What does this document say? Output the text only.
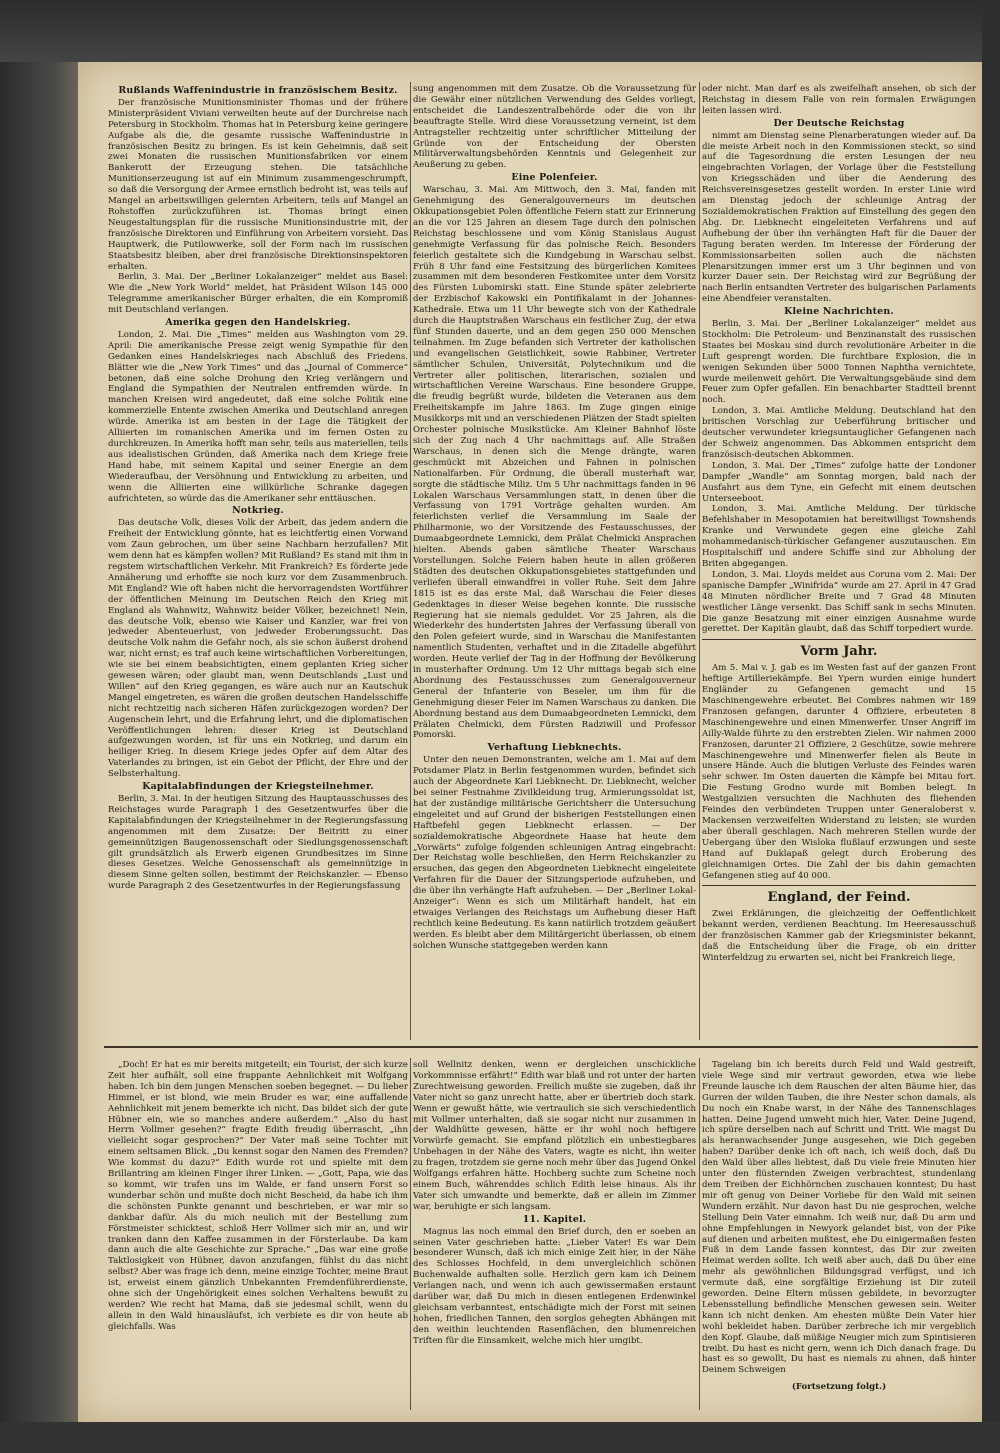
Rußlands Waffenindustrie in französischem Besitz.

Der französische Munitionsminister Thomas und der frühere Ministerpräsident Viviani verweilten heute auf der Durchreise nach Petersburg in Stockholm. Thomas hat in Petersburg keine geringere Aufgabe als die, die gesamte russische Waffenindustrie in französischen Besitz zu bringen. Es ist kein Geheimnis, daß seit zwei Monaten die russischen Munitionsfabriken vor einem Bankerott der Erzeugung stehen. Die tatsächliche Munitionserzeugung ist auf ein Minimum zusammengeschrumpft, so daß die Versorgung der Armee ernstlich bedroht ist, was teils auf Mangel an arbeitswilligen gelernten Arbeitern, teils auf Mangel an Rohstoffen zurückzuführen ist. Thomas bringt einen Neugestaltungsplan für die russische Munitionsindustrie mit, der französische Direktoren und Einführung von Arbeitern vorsieht. Das Hauptwerk, die Putilowwerke, soll der Form nach im russischen Staatsbesitz bleiben, aber drei französische Direktionsinspektoren erhalten.

Berlin, 3. Mai. Der „Berliner Lokalanzeiger“ meldet aus Basel: Wie die „New York World“ meldet, hat Präsident Wilson 145 000 Telegramme amerikanischer Bürger erhalten, die ein Kompromiß mit Deutschland verlangen.

Amerika gegen den Handelskrieg.

London, 2. Mai. Die „Times“ melden aus Washington vom 29. April: Die amerikanische Presse zeigt wenig Sympathie für den Gedanken eines Handelskrieges nach Abschluß des Friedens. Blätter wie die „New York Times“ und das „Journal of Commerce“ betonen, daß eine solche Drohung den Krieg verlängern und England die Sympathien der Neutralen entfremden würde. In manchen Kreisen wird angedeutet, daß eine solche Politik eine kommerzielle Entente zwischen Amerika und Deutschland anregen würde. Amerika ist am besten in der Lage die Tätigkeit der Alliierten im romanischen Amerika und im fernen Osten zu durchkreuzen. In Amerika hofft man sehr, teils aus materiellen, teils aus idealistischen Gründen, daß Amerika nach dem Kriege freie Hand habe, mit seinem Kapital und seiner Energie an dem Wiederaufbau, der Versöhnung und Entwicklung zu arbeiten, und wenn die Alliierten eine willkürliche Schranke dagegen aufrichteten, so würde das die Amerikaner sehr enttäuschen.

Notkrieg.

Das deutsche Volk, dieses Volk der Arbeit, das jedem andern die Freiheit der Entwicklung gönnte, hat es leichtfertig einen Vorwand vom Zaun gebrochen, um über seine Nachbarn herzufallen? Mit wem denn hat es kämpfen wollen? Mit Rußland? Es stand mit ihm in regstem wirtschaftlichen Verkehr. Mit Frankreich? Es förderte jede Annäherung und erhoffte sie noch kurz vor dem Zusammenbruch. Mit England? Wie oft haben nicht die hervorragendsten Wortführer der öffentlichen Meinung im Deutschen Reich den Krieg mit England als Wahnwitz, Wahnwitz beider Völker, bezeichnet! Nein, das deutsche Volk, ebenso wie Kaiser und Kanzler, war frei von jedweder Abenteuerlust, von jedweder Eroberungssucht. Das deutsche Volk nahm die Gefahr noch, als sie schon äußerst drohend war, nicht ernst; es traf auch keine wirtschaftlichen Vorbereitungen, wie sie bei einem beabsichtigten, einem geplanten Krieg sicher gewesen wären; oder glaubt man, wenn Deutschlands „Lust und Willen“ auf den Krieg gegangen, es wäre auch nur an Kautschuk Mangel eingetreten, es wären die großen deutschen Handelsschiffe nicht rechtzeitig nach sicheren Häfen zurückgezogen worden? Der Augenschein lehrt, und die Erfahrung lehrt, und die diplomatischen Veröffentlichungen lehren: dieser Krieg ist Deutschland aufgezwungen worden, ist für uns ein Notkrieg, und darum ein heiliger Krieg. In diesem Kriege jedes Opfer auf dem Altar des Vaterlandes zu bringen, ist ein Gebot der Pflicht, der Ehre und der Selbsterhaltung.

Kapitalabfindungen der Kriegsteilnehmer.

Berlin, 3. Mai. In der heutigen Sitzung des Hauptausschusses des Reichstages wurde Paragraph 1 des Gesetzentwurfes über die Kapitalabfindungen der Kriegsteilnehmer in der Regierungsfassung angenommen mit dem Zusatze: Der Beitritt zu einer gemeinnützigen Baugenossenschaft oder Siedlungsgenossenschaft gilt grundsätzlich als Erwerb eigenen Grundbesitzes im Sinne dieses Gesetzes. Welche Genossenschaft als gemeinnützige in diesem Sinne gelten sollen, bestimmt der Reichskanzler. — Ebenso wurde Paragraph 2 des Gesetzentwurfes in der Regierungsfassung

sung angenommen mit dem Zusatze. Ob die Voraussetzung für die Gewähr einer nützlichen Verwendung des Geldes vorliegt, entscheidet die Landeszentralbehörde oder die von ihr beauftragte Stelle. Wird diese Voraussetzung verneint, ist dem Antragsteller rechtzeitig unter schriftlicher Mitteilung der Gründe von der Entscheidung der Obersten Militärverwaltungsbehörden Kenntnis und Gelegenheit zur Aeußerung zu geben.

Eine Polenfeier.

Warschau, 3. Mai. Am Mittwoch, den 3. Mai, fanden mit Genehmigung des Generalgouverneurs im deutschen Okkupationsgebiet Polen öffentliche Feiern statt zur Erinnerung an die vor 125 Jahren an diesem Tage durch den polnischen Reichstag beschlossene und vom König Stanislaus August genehmigte Verfassung für das polnische Reich. Besonders feierlich gestaltete sich die Kundgebung in Warschau selbst. Früh 8 Uhr fand eine Festsitzung des bürgerlichen Komitees zusammen mit dem besonderen Festkomitee unter dem Vorsitz des Fürsten Lubomirski statt. Eine Stunde später zelebrierte der Erzbischof Kakowski ein Pontifikalamt in der Johannes-Kathedrale. Etwa um 11 Uhr bewegte sich von der Kathedrale durch die Hauptstraßen Warschaus ein festlicher Zug, der etwa fünf Stunden dauerte, und an dem gegen 250 000 Menschen teilnahmen. Im Zuge befanden sich Vertreter der katholischen und evangelischen Geistlichkeit, sowie Rabbiner, Vertreter sämtlicher Schulen, Universität, Polytechnikum und die Vertreter aller politischen, literarischen, sozialen und wirtschaftlichen Vereine Warschaus. Eine besondere Gruppe, die freudig begrüßt wurde, bildeten die Veteranen aus dem Freiheitskampfe im Jahre 1863. Im Zuge gingen einige Musikkorps mit und an verschiedenen Plätzen der Stadt spielten Orchester polnische Musikstücke. Am Kleiner Bahnhof löste sich der Zug nach 4 Uhr nachmittags auf. Alle Straßen Warschaus, in denen sich die Menge drängte, waren geschmückt mit Abzeichen und Fahnen in polnischen Nationalfarben. Für Ordnung, die überall musterhaft war, sorgte die städtische Miliz. Um 5 Uhr nachmittags fanden in 96 Lokalen Warschaus Versammlungen statt, in denen über die Verfassung von 1791 Vorträge gehalten wurden. Am feierlichsten verlief die Versammlung im Saale der Philharmonie, wo der Vorsitzende des Festausschusses, der Dumaabgeordnete Lemnicki, dem Prälat Chelmicki Ansprachen hielten. Abends gaben sämtliche Theater Warschaus Vorstellungen. Solche Feiern haben heute in allen größeren Städten des deutschen Okkupationsgebietes stattgefunden und verliefen überall einwandfrei in voller Ruhe. Seit dem Jahre 1815 ist es das erste Mal, daß Warschau die Feier dieses Gedenktages in dieser Weise begehen konnte. Die russische Regierung hat sie niemals geduldet. Vor 25 Jahren, als die Wiederkehr des hundertsten Jahres der Verfassung überall von den Polen gefeiert wurde, sind in Warschau die Manifestanten namentlich Studenten, verhaftet und in die Zitadelle abgeführt worden. Heute verlief der Tag in der Hoffnung der Bevölkerung in musterhafter Ordnung. Um 12 Uhr mittags begab sich eine Abordnung des Festausschusses zum Generalgouverneur General der Infanterie von Beseler, um ihm für die Genehmigung dieser Feier im Namen Warschaus zu danken. Die Abordnung bestand aus dem Dumaabgeordneten Lemnicki, dem Prälaten Chelmicki, dem Fürsten Radziwill und Professor Pomorski.

Verhaftung Liebknechts.

Unter den neuen Demonstranten, welche am 1. Mai auf dem Potsdamer Platz in Berlin festgenommen wurden, befindet sich auch der Abgeordnete Karl Liebknecht. Dr. Liebknecht, welcher bei seiner Festnahme Zivilkleidung trug, Armierungssoldat ist, hat der zuständige militärische Gerichtsherr die Untersuchung eingeleitet und auf Grund der bisherigen Feststellungen einen Haftbefehl gegen Liebknecht erlassen. — Der sozialdemokratische Abgeordnete Haase hat heute dem „Vorwärts“ zufolge folgenden schleunigen Antrag eingebracht: Der Reichstag wolle beschließen, den Herrn Reichskanzler zu ersuchen, das gegen den Abgeordneten Liebknecht eingeleitete Verfahren für die Dauer der Sitzungsperiode aufzuheben, und die über ihn verhängte Haft aufzuheben. — Der „Berliner Lokal-Anzeiger“: Wenn es sich um Militärhaft handelt, hat ein etwaiges Verlangen des Reichstags um Aufhebung dieser Haft rechtlich keine Bedeutung. Es kann natürlich trotzdem geäußert werden. Es bleibt aber dem Militärgericht überlassen, ob einem solchen Wunsche stattgegeben werden kann

oder nicht. Man darf es als zweifelhaft ansehen, ob sich der Reichstag in diesem Falle von rein formalen Erwägungen leiten lassen wird.

Der Deutsche Reichstag

nimmt am Dienstag seine Plenarberatungen wieder auf. Da die meiste Arbeit noch in den Kommissionen steckt, so sind auf die Tagesordnung die ersten Lesungen der neu eingebrachten Vorlagen, der Vorlage über die Feststellung von Kriegsschäden und über die Aenderung des Reichsvereinsgesetzes gestellt worden. In erster Linie wird am Dienstag jedoch der schleunige Antrag der Sozialdemokratischen Fraktion auf Einstellung des gegen den Abg. Dr. Liebknecht eingeleiteten Verfahrens und auf Aufhebung der über ihn verhängten Haft für die Dauer der Tagung beraten werden. Im Interesse der Förderung der Kommissionsarbeiten sollen auch die nächsten Plenarsitzungen immer erst um 3 Uhr beginnen und von kurzer Dauer sein. Der Reichstag wird zur Begrüßung der nach Berlin entsandten Vertreter des bulgarischen Parlaments eine Abendfeier veranstalten.

Kleine Nachrichten.

Berlin, 3. Mai. Der „Berliner Lokalanzeiger“ meldet aus Stockholm: Die Petroleum- und Benzinanstalt des russischen Staates bei Moskau sind durch revolutionäre Arbeiter in die Luft gesprengt worden. Die furchtbare Explosion, die in wenigen Sekunden über 5000 Tonnen Naphtha vernichtete, wurde meilenweit gehört. Die Verwaltungsgebäude sind dem Feuer zum Opfer gefallen. Ein benachbarter Stadtteil brennt noch.

London, 3. Mai. Amtliche Meldung. Deutschland hat den britischen Vorschlag zur Ueberführung britischer und deutscher verwundeter kriegsuntauglicher Gefangenen nach der Schweiz angenommen. Das Abkommen entspricht dem französisch-deutschen Abkommen.

London, 3. Mai. Der „Times“ zufolge hatte der Londoner Dampfer „Wandle“ am Sonntag morgen, bald nach der Ausfahrt aus dem Tyne, ein Gefecht mit einem deutschen Unterseeboot.

London, 3. Mai. Amtliche Meldung. Der türkische Befehlshaber in Mesopotamien hat bereitwilligst Townshends Kranke und Verwundete gegen eine gleiche Zahl mohammedanisch-türkischer Gefangener auszutauschen. Ein Hospitalschiff und andere Schiffe sind zur Abholung der Briten abgegangen.

London, 3. Mai. Lloyds meldet aus Coruna vom 2. Mai: Der spanische Dampfer „Winifrida“ wurde am 27. April in 47 Grad 48 Minuten nördlicher Breite und 7 Grad 48 Minuten westlicher Länge versenkt. Das Schiff sank in sechs Minuten. Die ganze Besatzung mit einer einzigen Ausnahme wurde gerettet. Der Kapitän glaubt, daß das Schiff torpediert wurde.

Vorm Jahr.

Am 5. Mai v. J. gab es im Westen fast auf der ganzen Front heftige Artilleriekämpfe. Bei Ypern wurden einige hundert Engländer zu Gefangenen gemacht und 15 Maschinengewehre erbeutet. Bei Combres nahmen wir 189 Franzosen gefangen, darunter 4 Offiziere, erbeuteten 8 Maschinengewehre und einen Minenwerfer. Unser Angriff im Ailly-Walde führte zu den erstrebten Zielen. Wir nahmen 2000 Franzosen, darunter 21 Offiziere, 2 Geschütze, sowie mehrere Maschinengewehre und Minenwerfer fielen als Beute in unsere Hände. Auch die blutigen Verluste des Feindes waren sehr schwer. Im Osten dauerten die Kämpfe bei Mitau fort. Die Festung Grodno wurde mit Bomben belegt. In Westgalizien versuchten die Nachhuten des fliehenden Feindes den verbündeten Truppen unter Generaloberst v. Mackensen verzweifelten Widerstand zu leisten; sie wurden aber überall geschlagen. Nach mehreren Stellen wurde der Uebergang über den Wisloka flußlauf erzwungen und seste Hand auf Duklapaß gelegt durch Eroberung des gleichnamigen Ortes. Die Zahl der bis dahin gemachten Gefangenen stieg auf 40 000.

England, der Feind.

Zwei Erklärungen, die gleichzeitig der Oeffentlichkeit bekannt werden, verdienen Beachtung. Im Heeresausschuß der französischen Kammer gab der Kriegsminister bekannt, daß die Entscheidung über die Frage, ob ein dritter Winterfeldzug zu erwarten sei, nicht bei Frankreich liege,

„Doch! Er hat es mir bereits mitgeteilt; ein Tourist, der sich kurze Zeit hier aufhält, soll eine frappante Aehnlichkeit mit Wolfgang haben. Ich bin dem jungen Menschen soeben begegnet. — Du lieber Himmel, er ist blond, wie mein Bruder es war, eine auffallende Aehnlichkeit mit jenem bemerkte ich nicht. Das bildet sich der gute Hübner ein, wie so manches andere außerdem.“ „Also du hast Herrn Vollmer gesehen?“ fragte Edith freudig überrascht, „ihn vielleicht sogar gesprochen?“ Der Vater maß seine Tochter mit einem seltsamen Blick. „Du kennst sogar den Namen des Fremden? Wie kommst du dazu?“ Edith wurde rot und spielte mit dem Brillantring am kleinen Finger ihrer Linken. — „Gott, Papa, wie das so kommt, wir trafen uns im Walde, er fand unsern Forst so wunderbar schön und mußte doch nicht Bescheid, da habe ich ihm die schönsten Punkte genannt und beschrieben, er war mir so dankbar dafür. Als du mich neulich mit der Bestellung zum Förstmeister schicktest, schloß Herr Vollmer sich mir an, und wir tranken dann den Kaffee zusammen in der Försterlaube. Da kam dann auch die alte Geschichte zur Sprache.“ „Das war eine große Taktlosigkeit von Hübner, davon anzufangen, fühlst du das nicht selbst? Aber was frage ich denn, meine einzige Tochter, meine Braut ist, erweist einem gänzlich Unbekannten Fremdenführerdienste, ohne sich der Ungehörigkeit eines solchen Verhaltens bewußt zu werden? Wie recht hat Mama, daß sie jedesmal schilt, wenn du allein in den Wald hinausläufst, ich verbiete es dir von heute ab gleichfalls. Was

soll Wellnitz denken, wenn er dergleichen unschickliche Vorkommnisse erfährt!“ Edith war blaß und rot unter der harten Zurechtweisung geworden. Freilich mußte sie zugeben, daß ihr Vater nicht so ganz unrecht hatte, aber er übertrieb doch stark. Wenn er gewußt hätte, wie vertraulich sie sich verschiedentlich mit Vollmer unterhalten, daß sie sogar nicht nur zusammen in der Waldhütte gewesen, hätte er ihr wohl noch heftigere Vorwürfe gemacht. Sie empfand plötzlich ein unbestiegbares Unbehagen in der Nähe des Vaters, wagte es nicht, ihn weiter zu fragen, trotzdem sie gerne noch mehr über das Jugend Onkel Wolfgangs erfahren hätte. Hochberg suchte zum Scheine noch einem Buch, währenddes schlich Edith leise hinaus. Als ihr Vater sich umwandte und bemerkte, daß er allein im Zimmer war, beruhigte er sich langsam.

11. Kapitel.

Magnus las noch einmal den Brief durch, den er soeben an seinen Vater geschrieben hatte: „Lieber Vater! Es war Dein besonderer Wunsch, daß ich mich einige Zeit hier, in der Nähe des Schlosses Hochfeld, in dem unvergleichlich schönen Buchenwalde aufhalten solle. Herzlich gern kam ich Deinem Verlangen nach, und wenn ich auch gewissermaßen erstaunt darüber war, daß Du mich in diesen entlegenen Erdenwinkel gleichsam verbanntest, entschädigte mich der Forst mit seinen hohen, friedlichen Tannen, den sorglos gehegten Abhängen mit den weithin leuchtenden Rasenflächen, den blumenreichen Triften für die Einsamkeit, welche mich hier umgibt.

Tagelang bin ich bereits durch Feld und Wald gestreift, viele Wege sind mir vertraut geworden, etwa wie liebe Freunde lausche ich dem Rauschen der alten Bäume hier, das Gurren der wilden Tauben, die ihre Nester schon damals, als Du noch ein Knabe warst, in der Nähe des Tannenschlages hatten. Deine Jugend umweht mich hier, Vater. Deine Jugend, ich spüre derselben nach auf Schritt und Tritt. Wie magst Du als heranwachsender Junge ausgesehen, wie Dich gegeben haben? Darüber denke ich oft nach, ich weiß doch, daß Du den Wald über alles liebtest, daß Du viele freie Minuten hier unter den flüsternden Zweigen verbrachtest, stundenlang dem Treiben der Eichhörnchen zuschauen konntest; Du hast mir oft genug von Deiner Vorliebe für den Wald mit seinen Wundern erzählt. Nur davon hast Du nie gesprochen, welche Stellung Dein Vater einnahm. Ich weiß nur, daß Du arm und ohne Empfehlungen in Newyork gelandet bist, von der Pike auf dienen und arbeiten mußtest, ehe Du einigermaßen festen Fuß in dem Lande fassen konntest, das Dir zur zweiten Heimat werden sollte. Ich weiß aber auch, daß Du über eine mehr als gewöhnlichen Bildungsgrad verfügst, und ich vermute daß, eine sorgfältige Erziehung ist Dir zuteil geworden. Deine Eltern müssen gebildete, in bevorzugter Lebensstellung befindliche Menschen gewesen sein. Weiter kann ich nicht denken. Am ehesten müßte Dein Vater hier wohl bekleidet haben. Darüber zerbreche ich mir vergeblich den Kopf. Glaube, daß müßige Neugier mich zum Spintisieren treibt. Du hast es nicht gern, wenn ich Dich danach frage. Du hast es so gewollt, Du hast es niemals zu ahnen, daß hinter Deinem Schweigen

(Fortsetzung folgt.)
